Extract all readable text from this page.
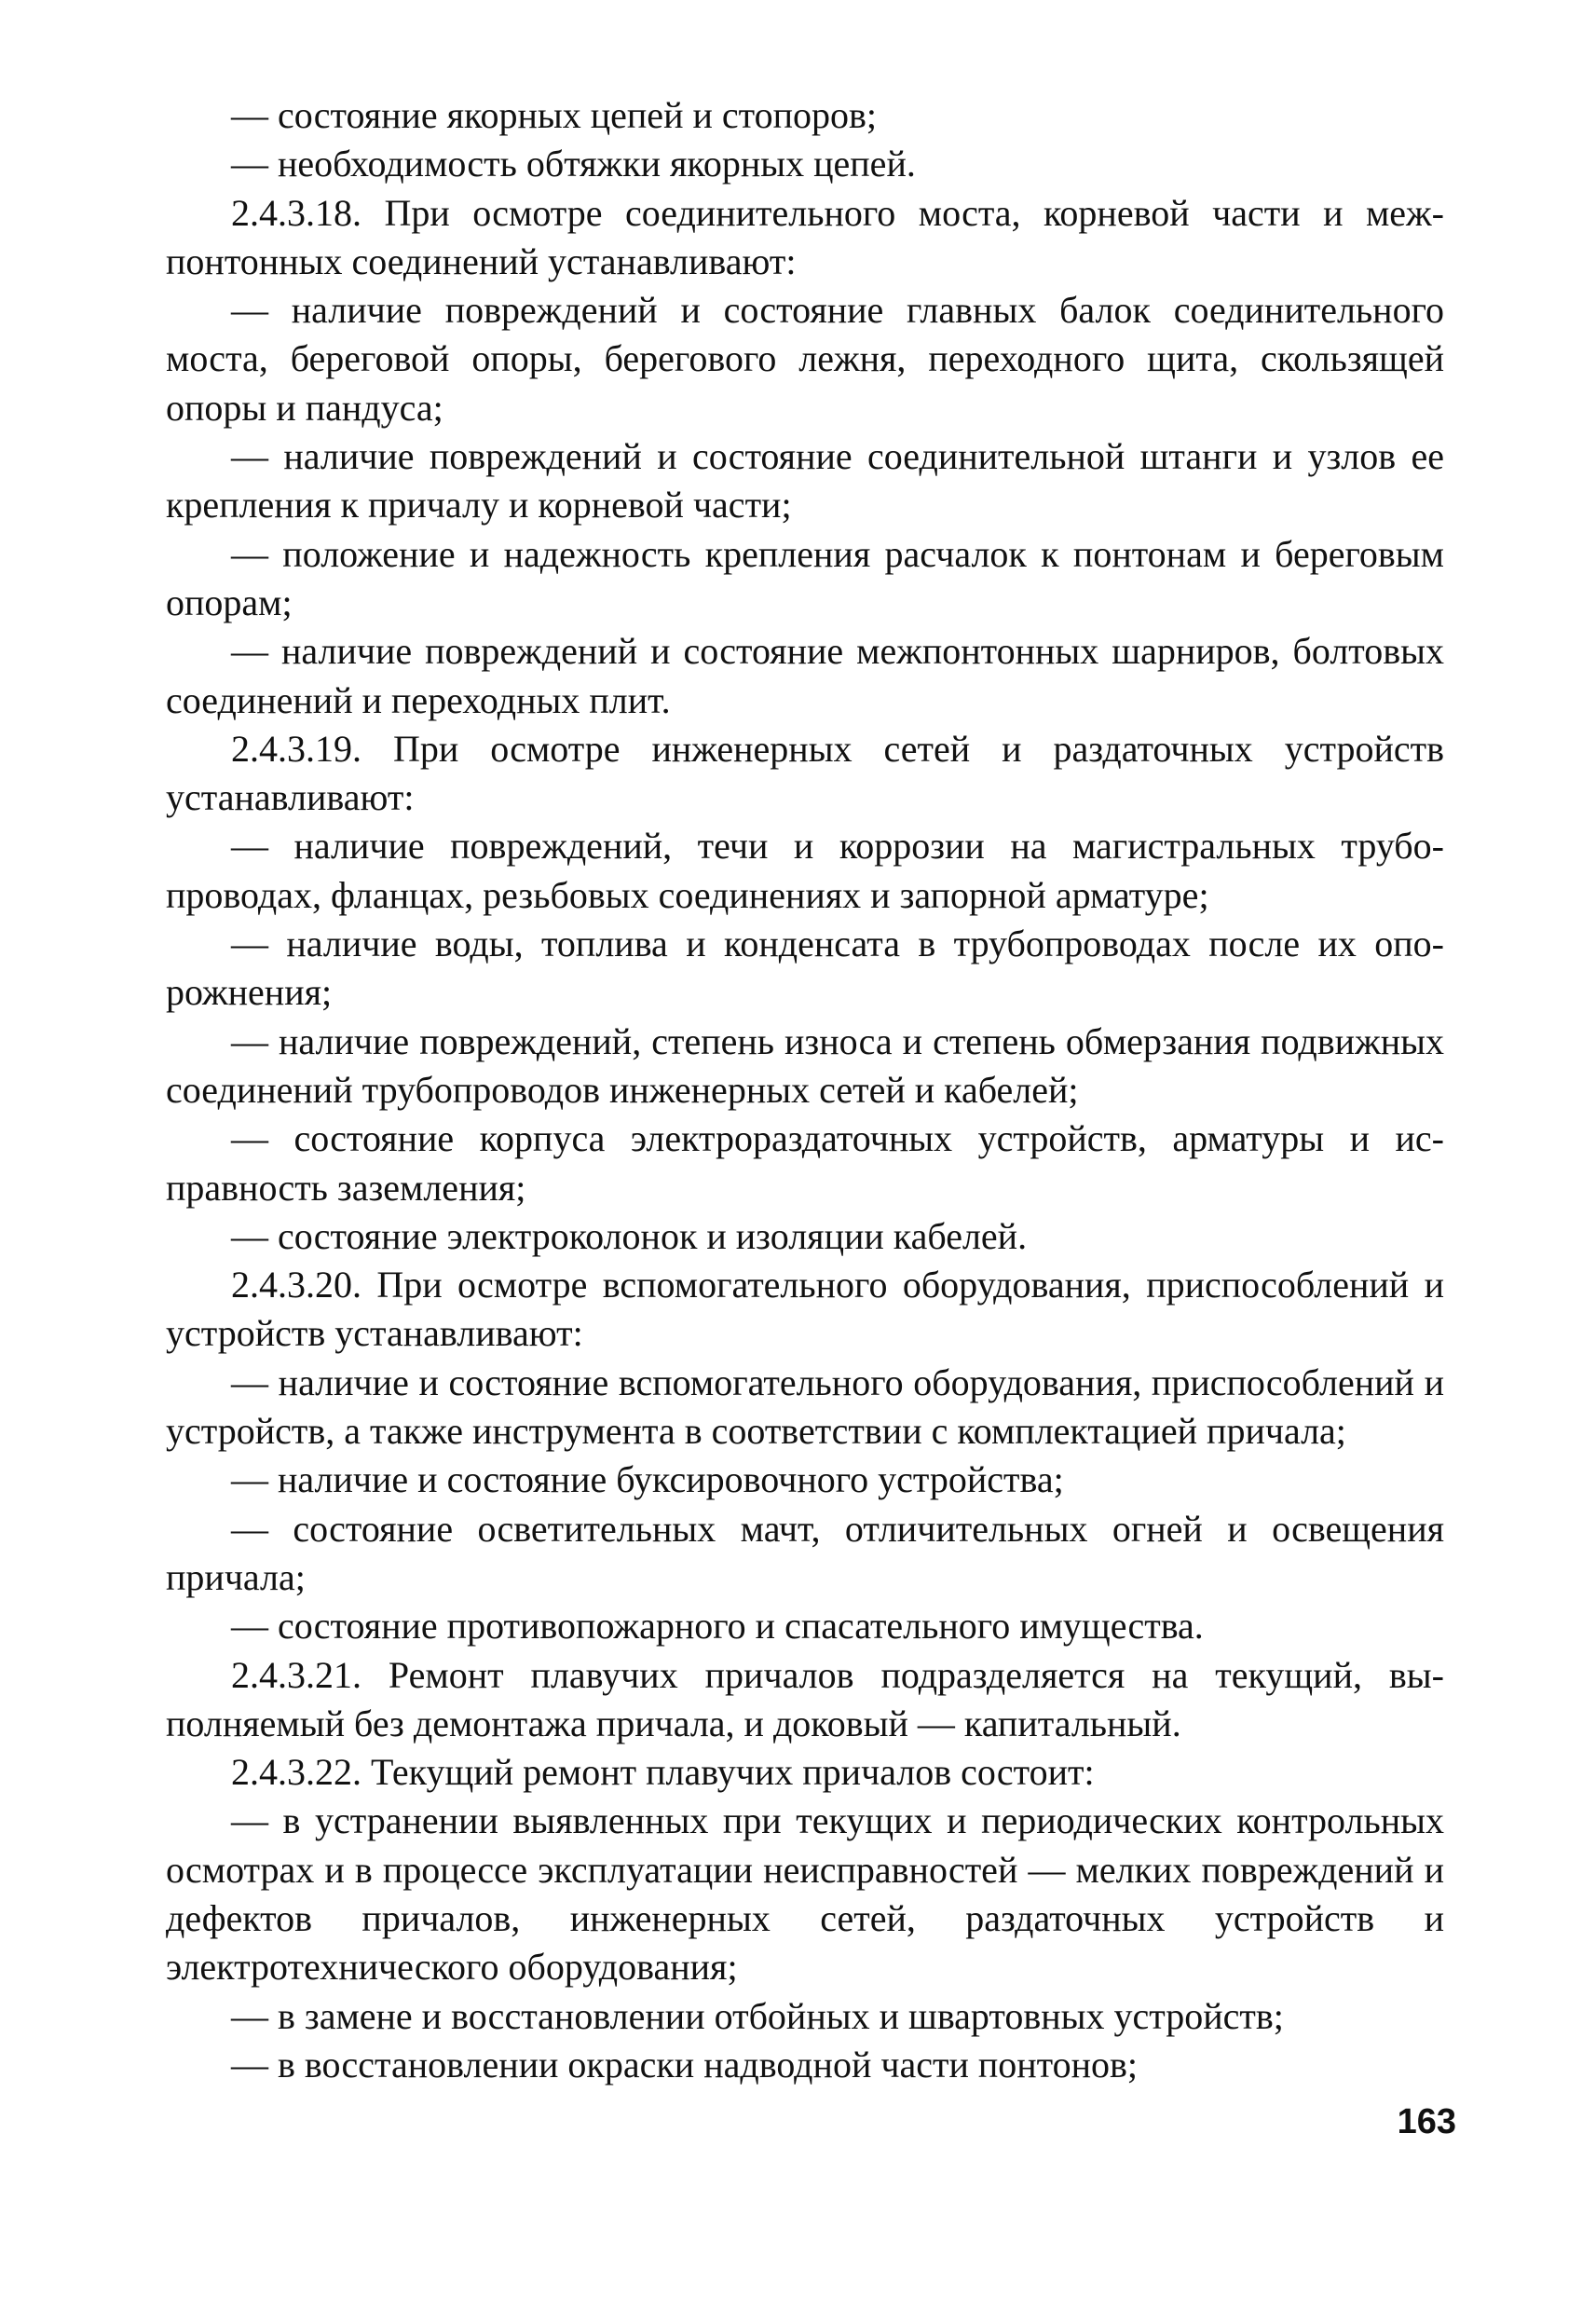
— состояние якорных цепей и стопоров;

— необходимость обтяжки якорных цепей.

2.4.3.18. При осмотре соединительного моста, корневой части и межпонтонных соединений устанавливают:

— наличие повреждений и состояние главных балок соединительного моста, береговой опоры, берегового лежня, переходного щита, скользящей опоры и пандуса;

— наличие повреждений и состояние соединительной штанги и узлов ее крепления к причалу и корневой части;

— положение и надежность крепления расчалок к понтонам и береговым опорам;

— наличие повреждений и состояние межпонтонных шарниров, болтовых соединений и переходных плит.

2.4.3.19. При осмотре инженерных сетей и раздаточных устройств устанавливают:

— наличие повреждений, течи и коррозии на магистральных трубопроводах, фланцах, резьбовых соединениях и запорной арматуре;

— наличие воды, топлива и конденсата в трубопроводах после их опорожнения;

— наличие повреждений, степень износа и степень обмерзания подвижных соединений трубопроводов инженерных сетей и кабелей;

— состояние корпуса электрораздаточных устройств, арматуры и исправность заземления;

— состояние электроколонок и изоляции кабелей.

2.4.3.20. При осмотре вспомогательного оборудования, приспособлений и устройств устанавливают:

— наличие и состояние вспомогательного оборудования, приспособлений и устройств, а также инструмента в соответствии с комплектацией причала;

— наличие и состояние буксировочного устройства;

— состояние осветительных мачт, отличительных огней и освещения причала;

— состояние противопожарного и спасательного имущества.

2.4.3.21. Ремонт плавучих причалов подразделяется на текущий, выполняемый без демонтажа причала, и доковый — капитальный.

2.4.3.22. Текущий ремонт плавучих причалов состоит:

— в устранении выявленных при текущих и периодических контрольных осмотрах и в процессе эксплуатации неисправностей — мелких повреждений и дефектов причалов, инженерных сетей, раздаточных устройств и электротехнического оборудования;

— в замене и восстановлении отбойных и швартовных устройств;

— в восстановлении окраски надводной части понтонов;

163
